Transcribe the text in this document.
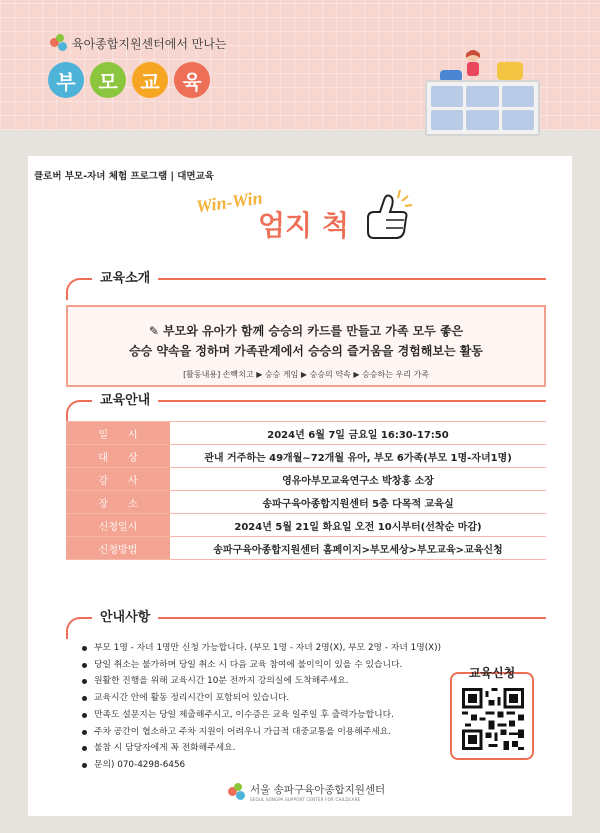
육아종합지원센터에서 만나는
부	모	교	육
클로버 부모-자녀 체험 프로그램 | 대면교육
Win-Win
엄지 척
교육소개
✎ 부모와 유아가 함께 승승의 카드를 만들고 가족 모두 좋은
승승 약속을 정하며 가족관계에서 승승의 즐거움을 경험해보는 활동
[활동내용] 손뼉치고 ▶ 승승 게임 ▶ 승승의 약속 ▶ 승승하는 우리 가족
교육안내
일　　시	2024년 6월 7일 금요일 16:30-17:50
대　　상	관내 거주하는 49개월~72개월 유아, 부모 6가족(부모 1명-자녀1명)
강　　사	영유아부모교육연구소 박창홍 소장
장　　소	송파구육아종합지원센터 5층 다목적 교육실
신청일시	2024년 5월 21일 화요일 오전 10시부터(선착순 마감)
신청방법	송파구육아종합지원센터 홈페이지>부모세상>부모교육>교육신청
안내사항
부모 1명 - 자녀 1명만 신청 가능합니다. (부모 1명 - 자녀 2명(X), 부모 2명 - 자녀 1명(X))
당일 취소는 불가하며 당일 취소 시 다음 교육 참여에 불이익이 있을 수 있습니다.
원활한 진행을 위해 교육시간 10분 전까지 강의실에 도착해주세요.
교육시간 안에 활동 정리시간이 포함되어 있습니다.
만족도 설문지는 당일 제출해주시고, 이수증은 교육 일주일 후 출력가능합니다.
주차 공간이 협소하고 주차 지원이 어려우니 가급적 대중교통을 이용해주세요.
불참 시 담당자에게 꼭 전화해주세요.
문의) 070-4298-6456
교육신청
서울 송파구육아종합지원센터
SEOUL SONGPA SUPPORT CENTER FOR CHILDCARE
